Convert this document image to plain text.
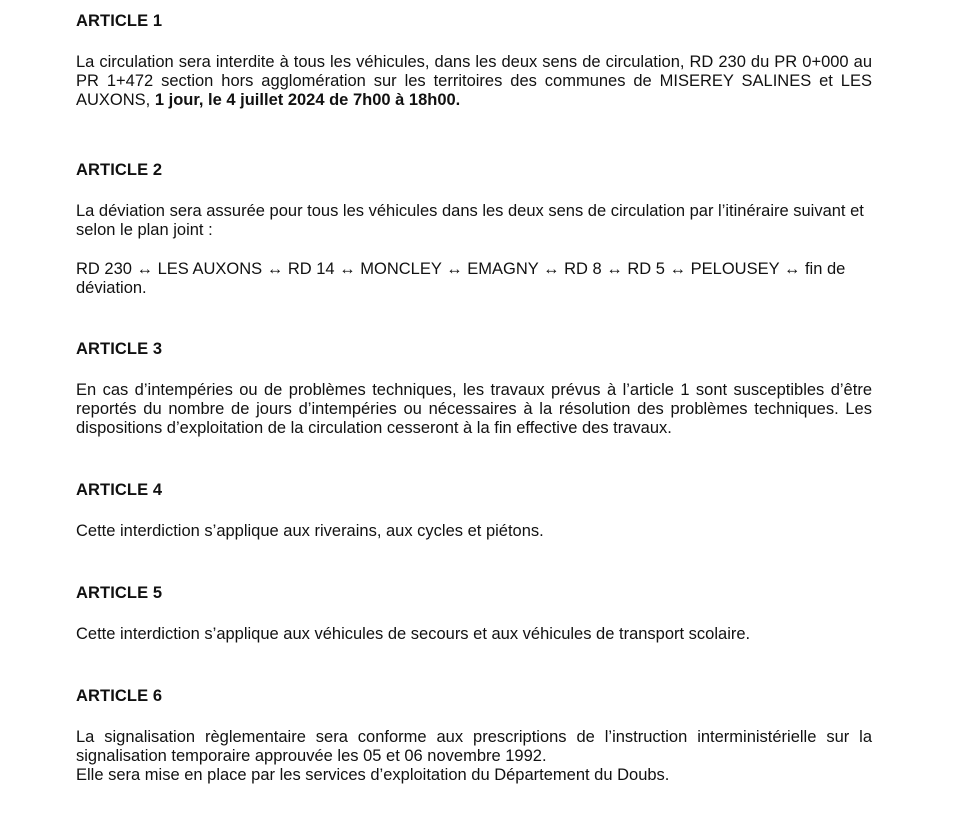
ARTICLE 1

La circulation sera interdite à tous les véhicules, dans les deux sens de circulation, RD 230 du PR 0+000 au PR 1+472 section hors agglomération sur les territoires des communes de MISEREY SALINES et LES AUXONS, 1 jour, le 4 juillet 2024 de 7h00 à 18h00.

ARTICLE 2

La déviation sera assurée pour tous les véhicules dans les deux sens de circulation par l’itinéraire suivant et selon le plan joint :

RD 230 ↔ LES AUXONS ↔ RD 14 ↔ MONCLEY ↔ EMAGNY ↔ RD 8 ↔ RD 5 ↔ PELOUSEY ↔ fin de déviation.

ARTICLE 3

En cas d’intempéries ou de problèmes techniques, les travaux prévus à l’article 1 sont susceptibles d’être reportés du nombre de jours d’intempéries ou nécessaires à la résolution des problèmes techniques. Les dispositions d’exploitation de la circulation cesseront à la fin effective des travaux.

ARTICLE 4

Cette interdiction s’applique aux riverains, aux cycles et piétons.

ARTICLE 5

Cette interdiction s’applique aux véhicules de secours et aux véhicules de transport scolaire.

ARTICLE 6

La signalisation règlementaire sera conforme aux prescriptions de l’instruction interministérielle sur la signalisation temporaire approuvée les 05 et 06 novembre 1992.

Elle sera mise en place par les services d’exploitation du Département du Doubs.
